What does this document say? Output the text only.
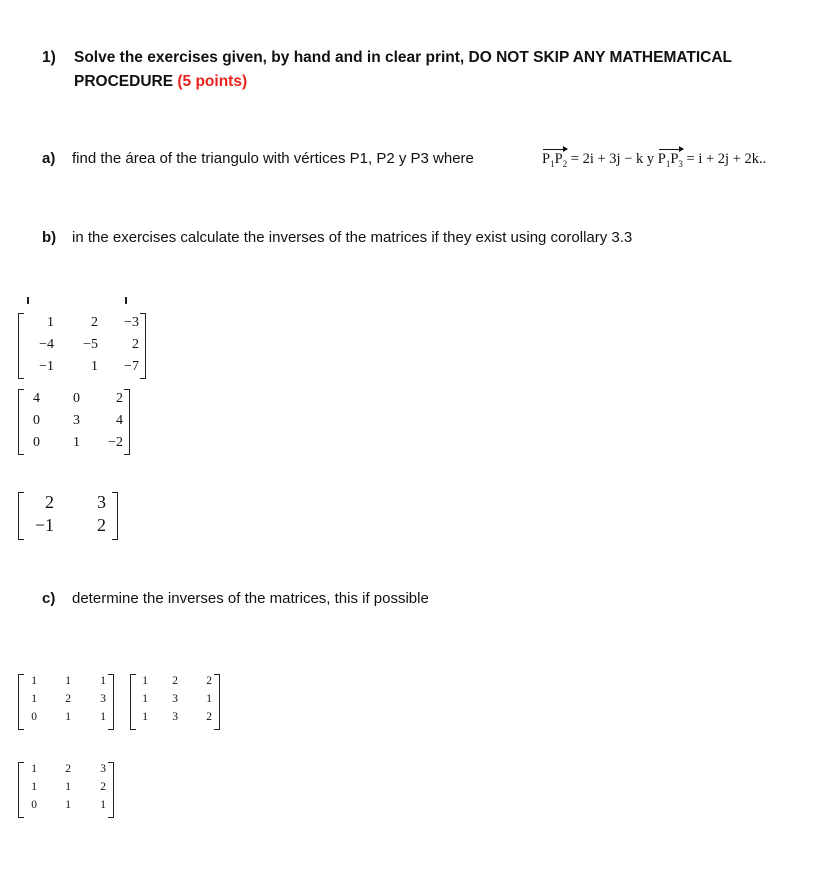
1) Solve the exercises given, by hand and in clear print, DO NOT SKIP ANY MATHEMATICAL
PROCEDURE (5 points)
a) find the área of the triangulo with vértices P1, P2 y P3 where	$P_1P_2 = 2i + 3j - k$ y $P_1P_3 = i + 2j + 2k$..
b) in the exercises calculate the inverses of the matrices if they exist using corollary 3.3
1	2 −3
−4 −5 2
−1	1 −7
4 0	2
0 3	4
0 1 −2
2 3
−1 2
c) determine the inverses of the matrices, this if possible
1 1	1
1 2	3
0 1	1
1 2 2
1 3 1
1 3 2
1 2	3
1 1	2
0 1	1
